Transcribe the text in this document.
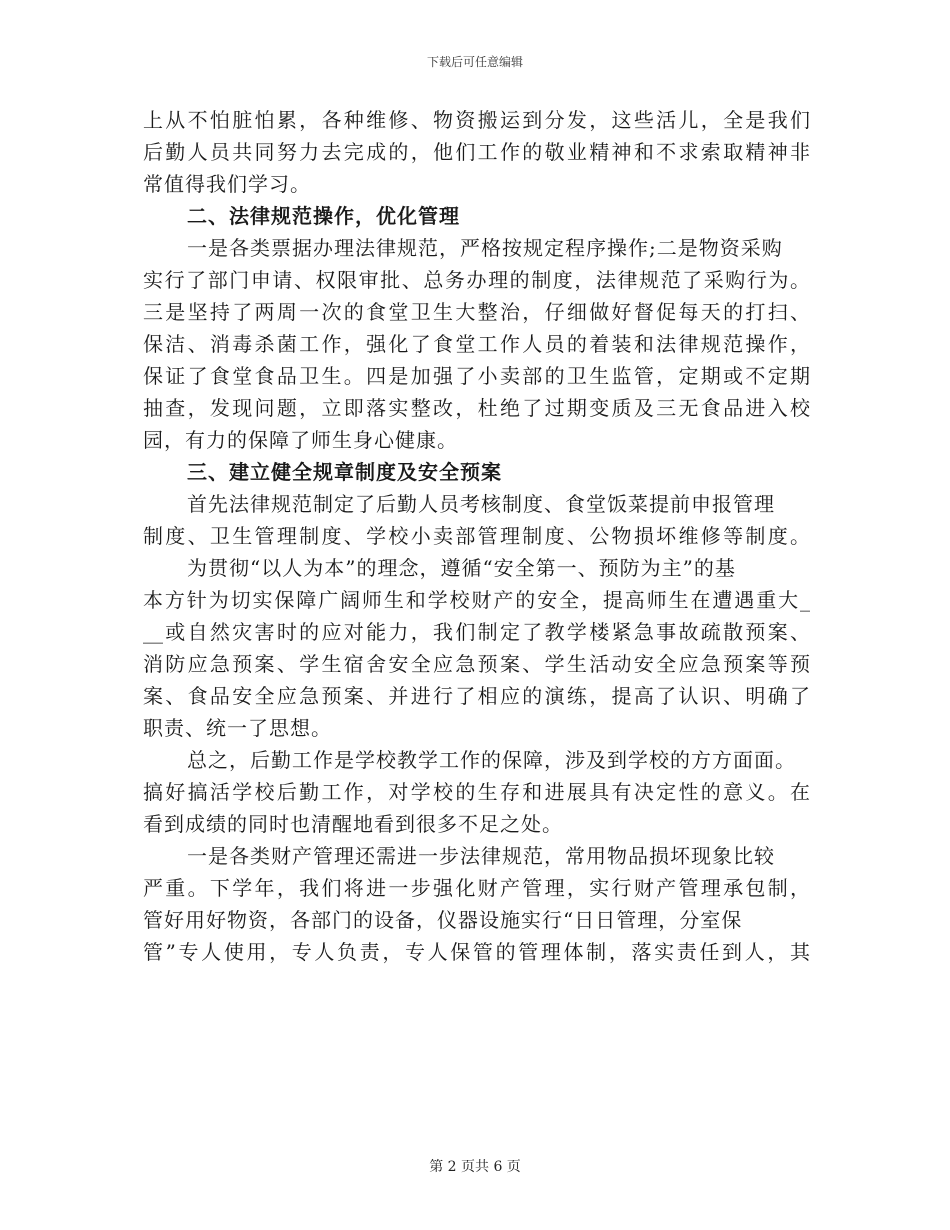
下载后可任意编辑
上从不怕脏怕累，各种维修、物资搬运到分发，这些活儿，全是我们
后勤人员共同努力去完成的，他们工作的敬业精神和不求索取精神非
常值得我们学习。
二、法律规范操作，优化管理
一是各类票据办理法律规范，严格按规定程序操作;二是物资采购
实行了部门申请、权限审批、总务办理的制度，法律规范了采购行为。
三是坚持了两周一次的食堂卫生大整治，仔细做好督促每天的打扫、
保洁、消毒杀菌工作，强化了食堂工作人员的着装和法律规范操作，
保证了食堂食品卫生。四是加强了小卖部的卫生监管，定期或不定期
抽查，发现问题，立即落实整改，杜绝了过期变质及三无食品进入校
园，有力的保障了师生身心健康。
三、建立健全规章制度及安全预案
首先法律规范制定了后勤人员考核制度、食堂饭菜提前申报管理
制度、卫生管理制度、学校小卖部管理制度、公物损坏维修等制度。
为贯彻“以人为本”的理念，遵循“安全第一、预防为主”的基
本方针为切实保障广阔师生和学校财产的安全，提高师生在遭遇重大_
__或自然灾害时的应对能力，我们制定了教学楼紧急事故疏散预案、
消防应急预案、学生宿舍安全应急预案、学生活动安全应急预案等预
案、食品安全应急预案、并进行了相应的演练，提高了认识、明确了
职责、统一了思想。
总之，后勤工作是学校教学工作的保障，涉及到学校的方方面面。
搞好搞活学校后勤工作，对学校的生存和进展具有决定性的意义。在
看到成绩的同时也清醒地看到很多不足之处。
一是各类财产管理还需进一步法律规范，常用物品损坏现象比较
严重。下学年，我们将进一步强化财产管理，实行财产管理承包制，
管好用好物资，各部门的设备，仪器设施实行“日日管理，分室保
管”专人使用，专人负责，专人保管的管理体制，落实责任到人，其
第 2 页共 6 页
